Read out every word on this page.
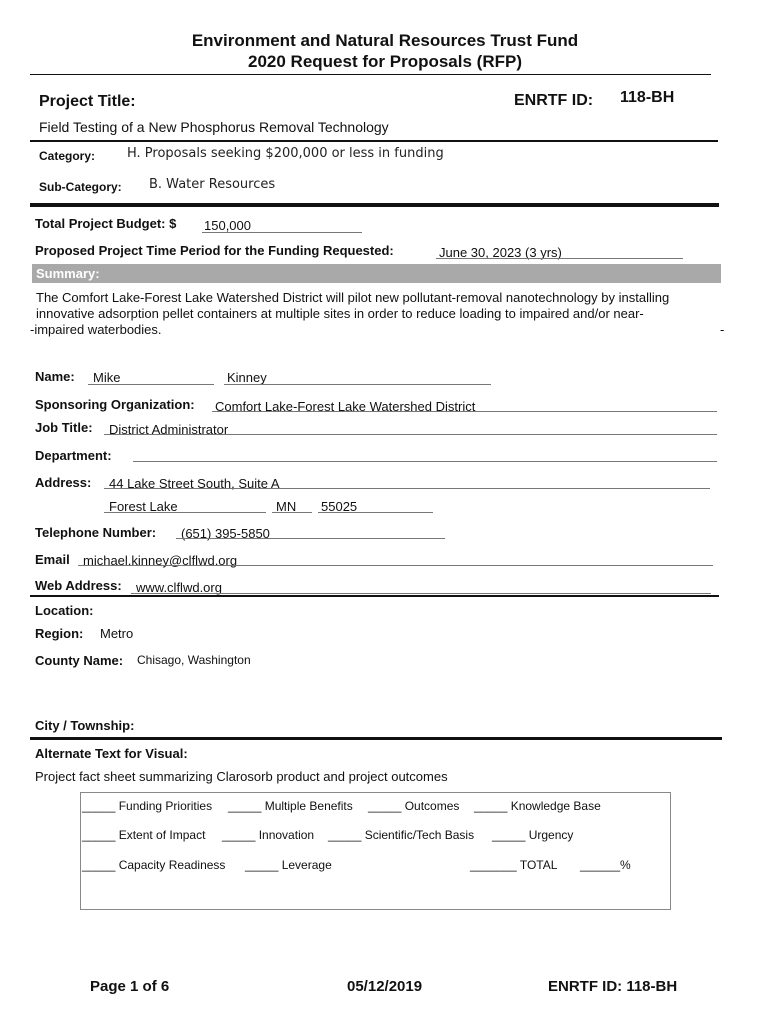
Environment and Natural Resources Trust Fund
2020 Request for Proposals (RFP)
Project Title:	ENRTF ID: 118-BH
Field Testing of a New Phosphorus Removal Technology
Category: H. Proposals seeking $200,000 or less in funding
Sub-Category: B. Water Resources
Total Project Budget: $ 150,000
Proposed Project Time Period for the Funding Requested:	June 30, 2023 (3 yrs)
Summary:
The Comfort Lake-Forest Lake Watershed District will pilot new pollutant-removal nanotechnology by installing
innovative adsorption pellet containers at multiple sites in order to reduce loading to impaired and/or near-
-impaired waterbodies.	-
Name: Mike	Kinney
Sponsoring Organization: Comfort Lake-Forest Lake Watershed District
Job Title: District Administrator
Department:
Address: 44 Lake Street South, Suite A
Forest Lake	MN 55025
Telephone Number: (651) 395-5850
Email michael.kinney@clflwd.org
Web Address: www.clflwd.org
Location:
Region: Metro
County Name: Chisago, Washington
City / Township:
Alternate Text for Visual:
Project fact sheet summarizing Clarosorb product and project outcomes
_____ Funding Priorities _____ Multiple Benefits _____ Outcomes _____ Knowledge Base
_____ Extent of Impact _____ Innovation _____ Scientific/Tech Basis _____ Urgency
_____ Capacity Readiness _____ Leverage	_______ TOTAL ______%
Page 1 of 6	05/12/2019	ENRTF ID: 118-BH
